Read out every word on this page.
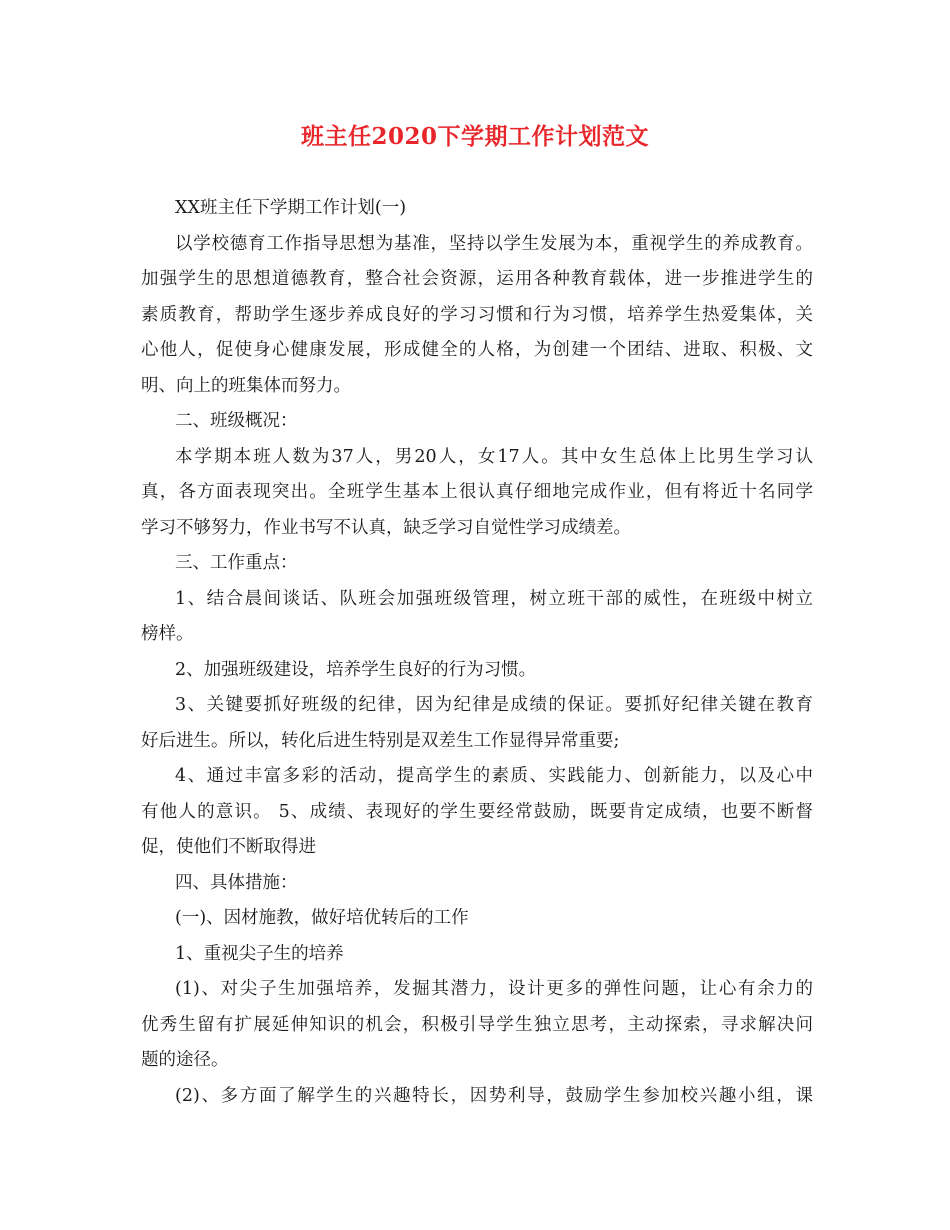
班主任2020下学期工作计划范文
XX班主任下学期工作计划(一)
以学校德育工作指导思想为基准，坚持以学生发展为本，重视学生的养成教育。
加强学生的思想道德教育，整合社会资源，运用各种教育载体，进一步推进学生的
素质教育，帮助学生逐步养成良好的学习习惯和行为习惯，培养学生热爱集体，关
心他人，促使身心健康发展，形成健全的人格，为创建一个团结、进取、积极、文
明、向上的班集体而努力。
二、班级概况：
本学期本班人数为37人，男20人，女17人。其中女生总体上比男生学习认
真，各方面表现突出。全班学生基本上很认真仔细地完成作业，但有将近十名同学
学习不够努力，作业书写不认真，缺乏学习自觉性学习成绩差。
三、工作重点：
1、结合晨间谈话、队班会加强班级管理，树立班干部的威性，在班级中树立
榜样。
2、加强班级建设，培养学生良好的行为习惯。
3、关键要抓好班级的纪律，因为纪律是成绩的保证。要抓好纪律关键在教育
好后进生。所以，转化后进生特别是双差生工作显得异常重要;
4、通过丰富多彩的活动，提高学生的素质、实践能力、创新能力，以及心中
有他人的意识。 5、成绩、表现好的学生要经常鼓励，既要肯定成绩，也要不断督
促，使他们不断取得进
四、具体措施：
(一)、因材施教，做好培优转后的工作
1、重视尖子生的培养
(1)、对尖子生加强培养，发掘其潜力，设计更多的弹性问题，让心有余力的
优秀生留有扩展延伸知识的机会，积极引导学生独立思考，主动探索，寻求解决问
题的途径。
(2)、多方面了解学生的兴趣特长，因势利导，鼓励学生参加校兴趣小组，课
